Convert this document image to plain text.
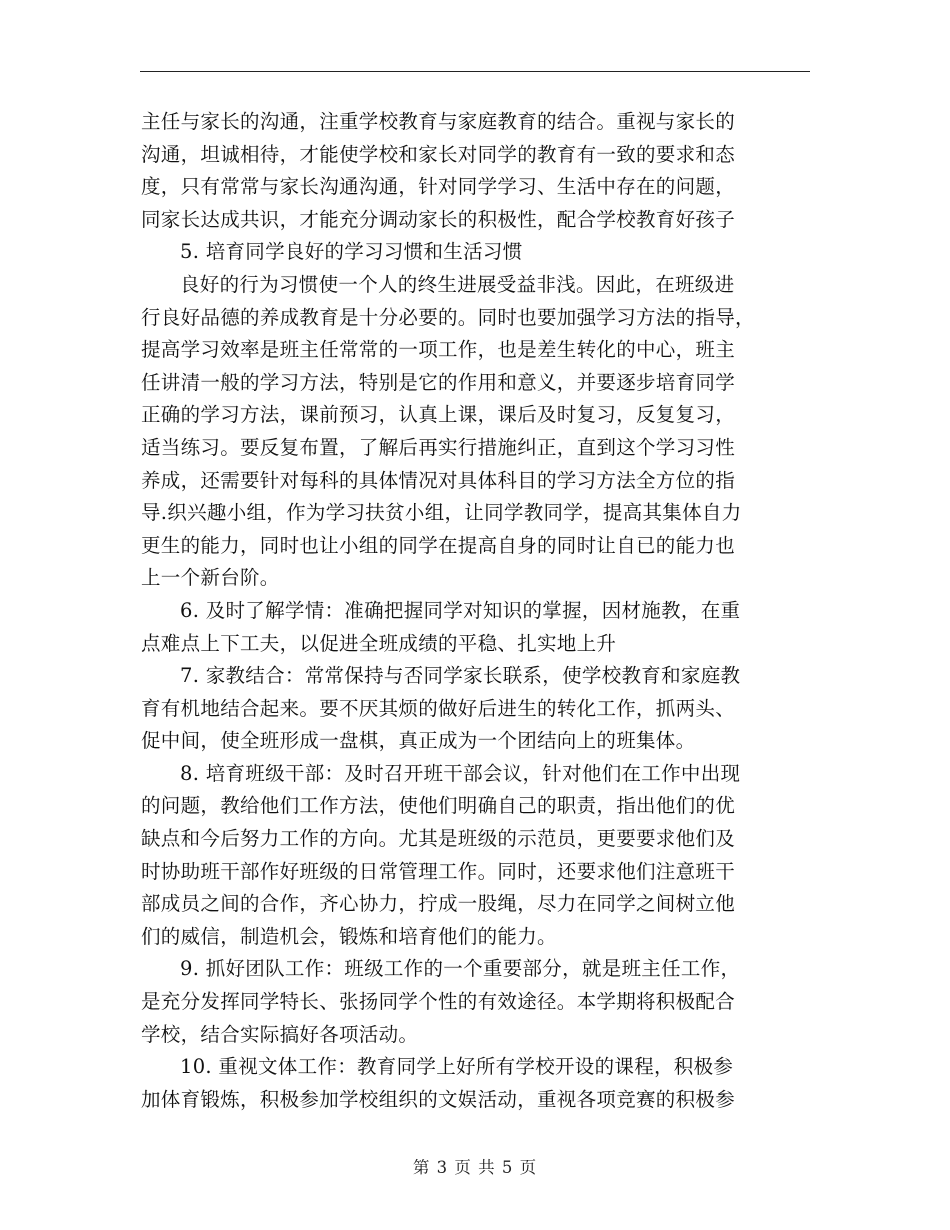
主任与家长的沟通，注重学校教育与家庭教育的结合。重视与家长的
沟通，坦诚相待，才能使学校和家长对同学的教育有一致的要求和态
度，只有常常与家长沟通沟通，针对同学学习、生活中存在的问题，
同家长达成共识，才能充分调动家长的积极性，配合学校教育好孩子

5. 培育同学良好的学习习惯和生活习惯

良好的行为习惯使一个人的终生进展受益非浅。因此，在班级进
行良好品德的养成教育是十分必要的。同时也要加强学习方法的指导，
提高学习效率是班主任常常的一项工作，也是差生转化的中心，班主
任讲清一般的学习方法，特别是它的作用和意义，并要逐步培育同学
正确的学习方法，课前预习，认真上课，课后及时复习，反复复习，
适当练习。要反复布置，了解后再实行措施纠正，直到这个学习习性
养成，还需要针对每科的具体情况对具体科目的学习方法全方位的指
导.织兴趣小组，作为学习扶贫小组，让同学教同学，提高其集体自力
更生的能力，同时也让小组的同学在提高自身的同时让自已的能力也
上一个新台阶。

6. 及时了解学情：准确把握同学对知识的掌握，因材施教，在重
点难点上下工夫，以促进全班成绩的平稳、扎实地上升

7. 家教结合：常常保持与否同学家长联系，使学校教育和家庭教
育有机地结合起来。要不厌其烦的做好后进生的转化工作，抓两头、
促中间，使全班形成一盘棋，真正成为一个团结向上的班集体。

8. 培育班级干部：及时召开班干部会议，针对他们在工作中出现
的问题，教给他们工作方法，使他们明确自己的职责，指出他们的优
缺点和今后努力工作的方向。尤其是班级的示范员，更要要求他们及
时协助班干部作好班级的日常管理工作。同时，还要求他们注意班干
部成员之间的合作，齐心协力，拧成一股绳，尽力在同学之间树立他
们的威信，制造机会，锻炼和培育他们的能力。

9. 抓好团队工作：班级工作的一个重要部分，就是班主任工作，
是充分发挥同学特长、张扬同学个性的有效途径。本学期将积极配合
学校，结合实际搞好各项活动。

10. 重视文体工作：教育同学上好所有学校开设的课程，积极参
加体育锻炼，积极参加学校组织的文娱活动，重视各项竞赛的积极参

第 3 页 共 5 页
